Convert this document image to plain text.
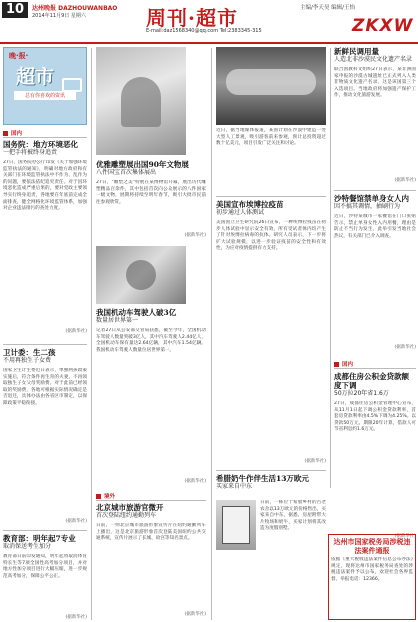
10	达州晚报 DAZHOUWANBAO
2014年11月9日 星期六	周刊·超市
E-mail:daz1568340@qq.com Tel:2383345-315
主编/李天昊 编辑/王怡
ZKXW
晚·报·
超市
总有你喜欢的资讯
国内
国务院：地方环境恶化
一把手将被终身追责
27日，国务院办公厅印发《关于加强环境监管执法的通知》，明确对地方政府和有关部门在环境监管执法中不作为、乱作为的问题，要依法依纪追究责任。对于因环境恶化造成严重后果的，要对党政主要领导实行终身追责，各地要在年底前完成全面排查，健全网格化环境监管体系，加强对企业违法排污的查处力度。
(据新华社)
卫计委：生二孩
不用再独生子女费
国家卫生计生委近日表示，单独两孩政策实施后，符合条件再生育的夫妻，不再领取独生子女父母奖励费。对于此前已经领取的奖励费，各地可根据实际情况确定是否退还，具体办法由各省区市制定，以保障政策平稳衔接。
(据新华社)
教育部：明年起7专业
取消保送考生加分
教育部日前印发通知，明年起将取消体育特长生等7项全国性高考加分项目，并对地方性加分项目进行大幅压缩，进一步规范高考加分，保障公平公正。
(据新华社)
优雅雕塑展出国90年文物展
八件国宝首次集体展出
27日，"雕塑之美"特展在某博物馆开幕，展出历代雕塑精品百余件，其中包括首次向公众展示的八件国家一级文物，展期将持续至明年春节，吸引大批市民前往参观欣赏。
(据新华社)
我国机动车驾驶人破3亿
数量居世界第一
记者27日从公安部交管局获悉，截至今年，全国机动车驾驶人数量突破3亿人，其中汽车驾驶人2.44亿人，全国机动车保有量达2.64亿辆，其中汽车1.54亿辆。我国机动车驾驶人数量位居世界第一。
(据新华社)
境外
北京城市旅游官微开
首次登陆纽约通勤列车
日前，一则北京城市旅游形象宣传片在纽约通勤列车上播出，这是北京旅游形象首次登陆美国纽约公共交通系统，宣传片展示了长城、故宫等知名景点。
(据新华社)
近日，据当地媒体报道，某国计划在沙漠中建造一处大型人工景观，吸引游客前来参观，预计总投资超过数十亿美元，项目引发广泛关注和讨论。
美国宣布埃博拉疫苗
初步通过人体测试
美国国立卫生研究院26日宣布，一种埃博拉疫苗在初步人体试验中显示安全有效，所有受试者体内均产生了针对埃博拉病毒的抗体。研究人员表示，下一步将扩大试验规模，以进一步验证疫苗的安全性和有效性，为应对疫情提供有力支持。
(据新华社)
希腊奶牛作伴生活13万欧元
买家来自中东
日前，一栋位于希腊乡村的古老农舍以13万欧元的价格售出，买家来自中东，据悉，房屋附带大片牧场和奶牛，买家计划将其改造为度假别墅。
新鲜民调用量
人造北非沙漠民文化遗产名录
联合国教科文组织27日表示，某非洲国家申报的沙漠古城遗址已正式列入人类非物质文化遗产名录，这是该国第三个入选项目。当地政府将加强遗产保护工作，推动文化旅游发展。
(据新华社)
沙特餐馆禁单身女人内
因不搞其调情，抽刷行为
近日，沙特某城市一家餐馆在门口张贴告示，禁止单身女性入内用餐，理由是防止不当行为发生，此举引发当地社会热议，有关部门已介入调查。
(据新华社)
国内
成都住房公积金贷款额度下调
50万拉20年省1.6万
27日，成都住房公积金管理中心宣布，从11月1日起下调公积金贷款利率，首套房贷款利率由4.5%下调为4.25%。以贷款50万元、期限20年计算，借款人可节省利息约1.6万元。
(据新华社)
达州市国家税务局涉税违法案件通报
依据《重大税收违法案件信息公布办法》规定，现将达州市国家税务局查处的涉税违法案件予以公布，欢迎社会各界监督。举报电话：12366。
